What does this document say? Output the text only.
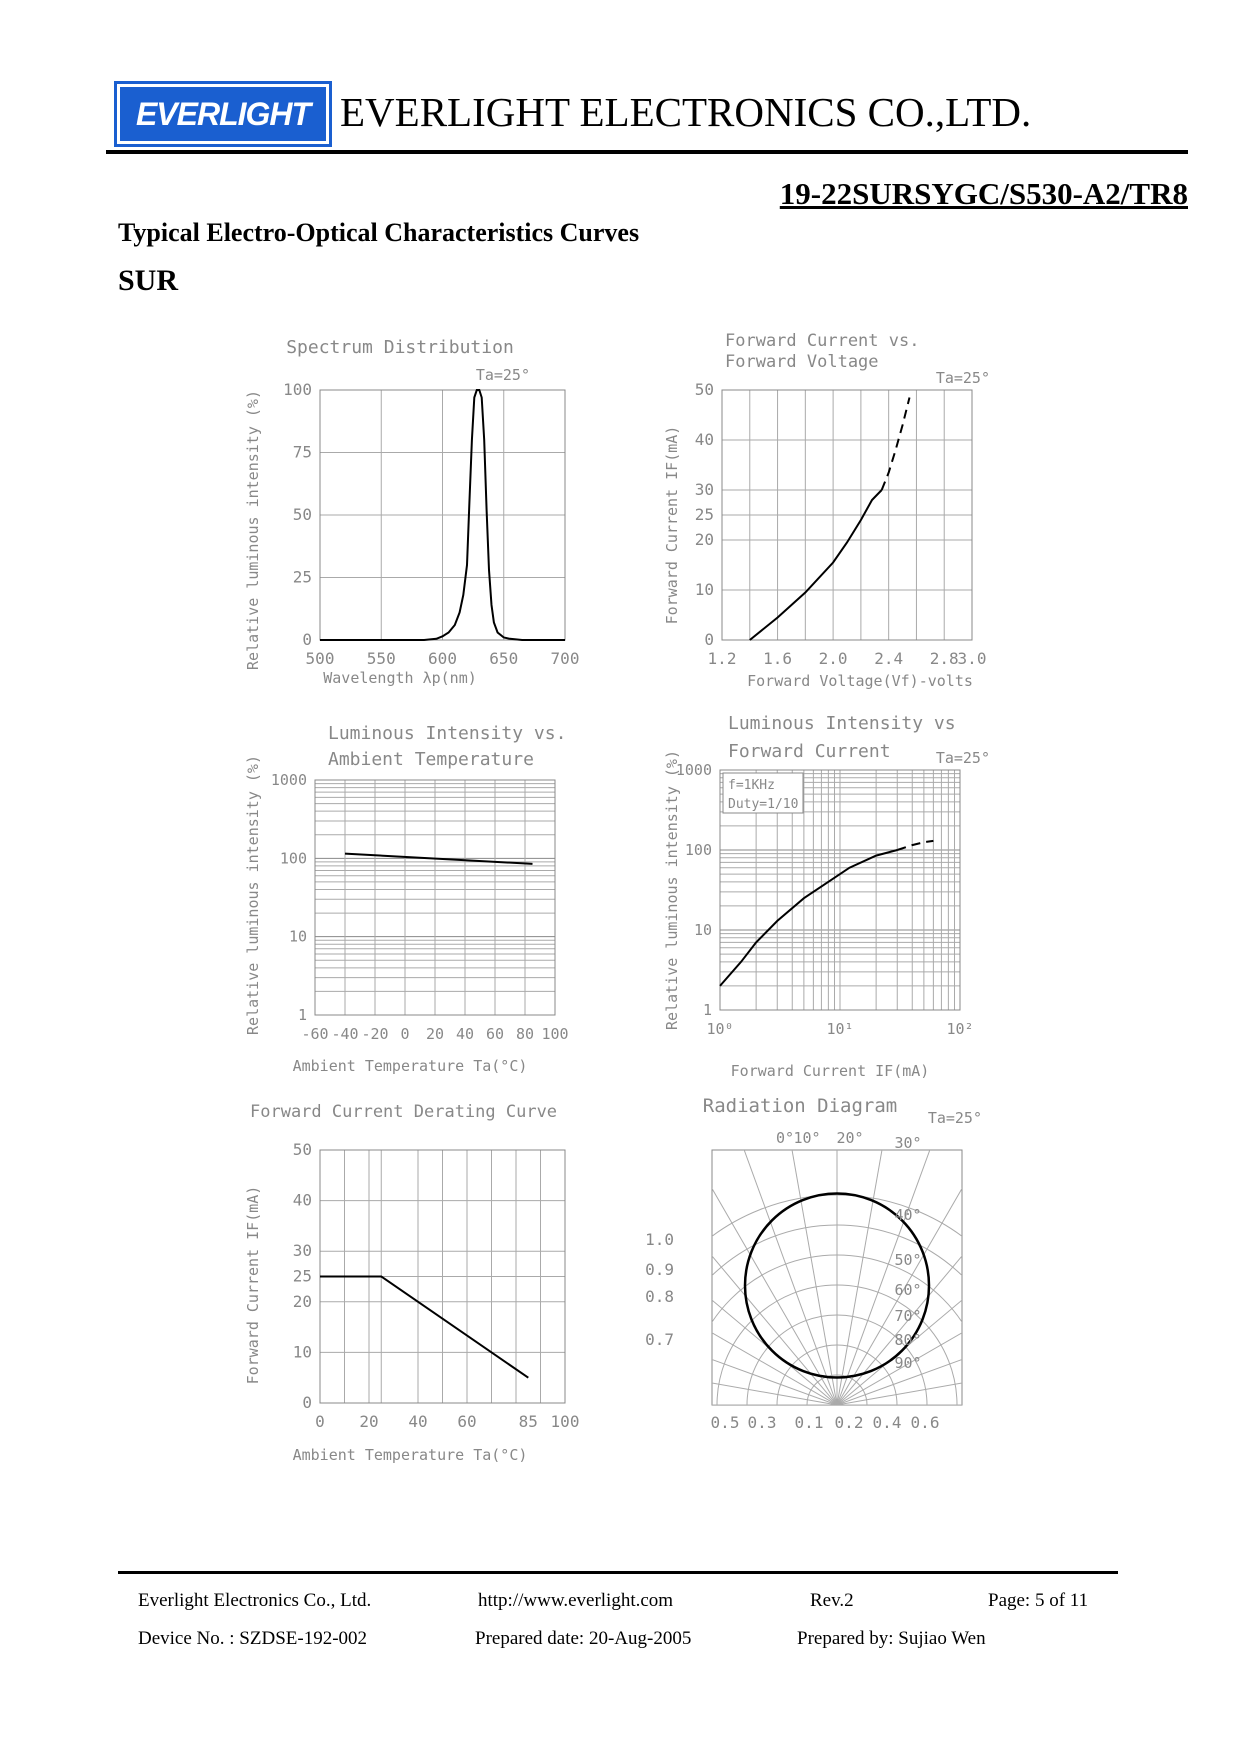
EVERLIGHT EVERLIGHT ELECTRONICS CO.,LTD.
19-22SURSYGC/S530-A2/TR8
Typical Electro-Optical Characteristics Curves
SUR
Spectrum Distribution
Ta=25°
Relative luminous intensity (%)
Wavelength λp(nm)
500 550 600 650 700
0
25
50
75
100
Forward Current vs.
Forward Voltage
Ta=25°
Forward Current IF(mA)
Forward Voltage(Vf)-volts
1.2 1.6 2.0 2.4 2.8
3.0
0
10
20
25
30
40
50
Luminous Intensity vs.
Ambient Temperature
Relative luminous intensity (%)
Ambient Temperature Ta(°C)
-60 -40 -20 0 20 40 60 80 100
1
10
100
1000
Luminous Intensity vs
Forward Current	Ta=25°
Relative luminous intensity (%)
Forward Current IF(mA)
10⁰	10¹	10²
1
10
100
1000
f=1KHz
Duty=1/10
Forward Current Derating Curve
Forward Current IF(mA)
Ambient Temperature Ta(°C)
0 20 40 60	85 100
0
10
20
25
30
40
50
Radiation Diagram
Ta=25°
0° 10° 20° 30°
40°
50°
60°
70°
80°
90°
1.0
0.9
0.8
0.7
0.5 0.3 0.1 0.2 0.4 0.6
Everlight Electronics Co., Ltd.	http://www.everlight.com	Rev.2	Page: 5 of 11
Device No. : SZDSE-192-002	Prepared date: 20-Aug-2005	Prepared by: Sujiao Wen
